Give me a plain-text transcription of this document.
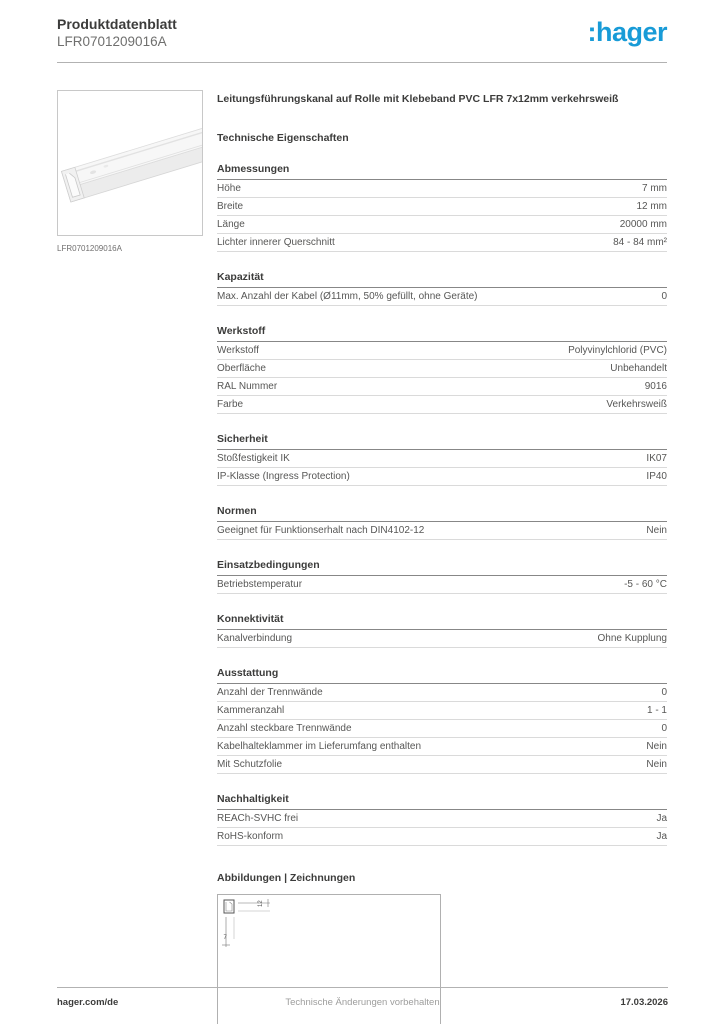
Produktdatenblatt
LFR0701209016A	:hager
LFR0701209016A
Leitungsführungskanal auf Rolle mit Klebeband PVC LFR 7x12mm verkehrsweiß
Technische Eigenschaften
Abmessungen
Höhe	7 mm
Breite	12 mm
Länge	20000 mm
Lichter innerer Querschnitt	84 - 84 mm²
Kapazität
Max. Anzahl der Kabel (Ø11mm, 50% gefüllt, ohne Geräte)	0
Werkstoff
Werkstoff	Polyvinylchlorid (PVC)
Oberfläche	Unbehandelt
RAL Nummer	9016
Farbe	Verkehrsweiß
Sicherheit
Stoßfestigkeit IK	IK07
IP-Klasse (Ingress Protection)	IP40
Normen
Geeignet für Funktionserhalt nach DIN4102-12	Nein
Einsatzbedingungen
Betriebstemperatur	-5 - 60 °C
Konnektivität
Kanalverbindung	Ohne Kupplung
Ausstattung
Anzahl der Trennwände	0
Kammeranzahl	1 - 1
Anzahl steckbare Trennwände	0
Kabelhalteklammer im Lieferumfang enthalten	Nein
Mit Schutzfolie	Nein
Nachhaltigkeit
REACh-SVHC frei	Ja
RoHS-konform	Ja
Abbildungen | Zeichnungen
12
7
hager.com/de	Technische Änderungen vorbehalten	17.03.2026
